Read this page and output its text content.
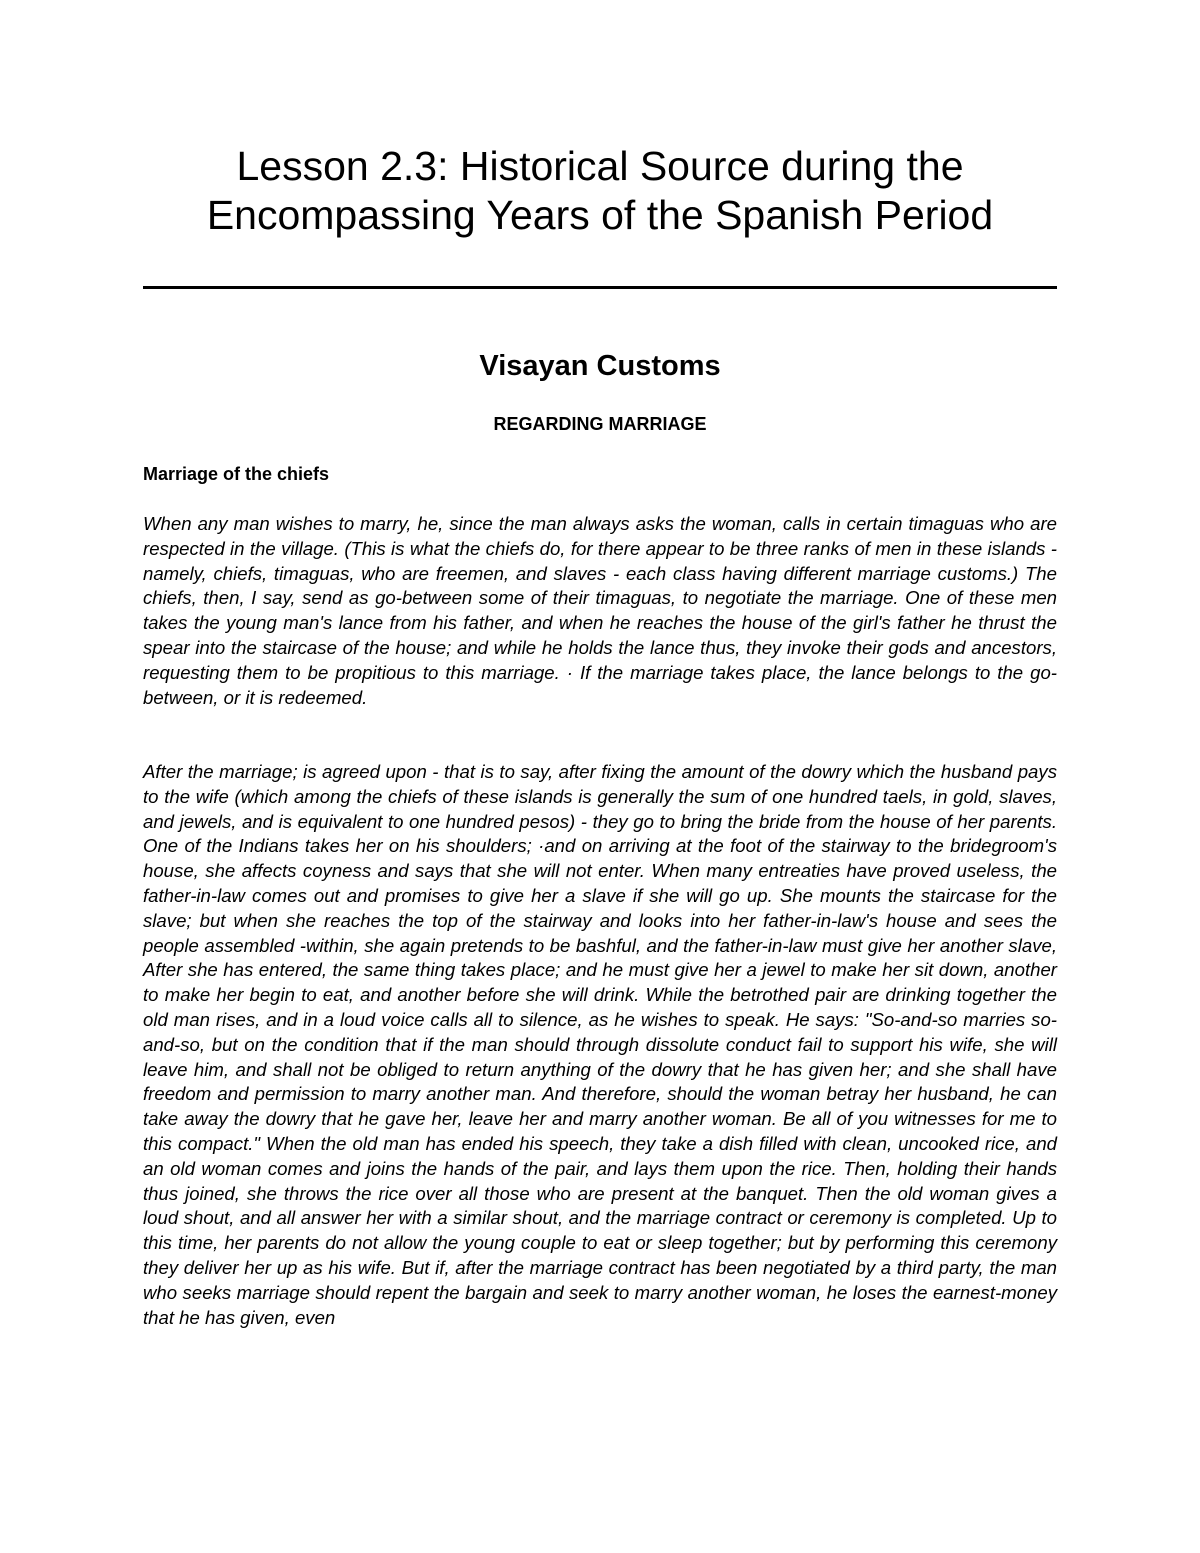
Lesson 2.3: Historical Source during the
Encompassing Years of the Spanish Period
Visayan Customs
REGARDING MARRIAGE
Marriage of the chiefs

When any man wishes to marry, he, since the man always asks the woman, calls in certain timaguas who are respected in the village. (This is what the chiefs do, for there appear to be three ranks of men in these islands - namely, chiefs, timaguas, who are freemen, and slaves - each class having different marriage customs.) The chiefs, then, I say, send as go-between some of their timaguas, to negotiate the marriage. One of these men takes the young man's lance from his father, and when he reaches the house of the girl's father he thrust the spear into the staircase of the house; and while he holds the lance thus, they invoke their gods and ancestors, requesting them to be propitious to this marriage. · If the marriage takes place, the lance belongs to the go-between, or it is redeemed.

After the marriage; is agreed upon - that is to say, after fixing the amount of the dowry which the husband pays to the wife (which among the chiefs of these islands is generally the sum of one hundred taels, in gold, slaves, and jewels, and is equivalent to one hundred pesos) - they go to bring the bride from the house of her parents. One of the Indians takes her on his shoulders; ·and on arriving at the foot of the stairway to the bridegroom's house, she affects coyness and says that she will not enter. When many entreaties have proved useless, the father-in-law comes out and promises to give her a slave if she will go up. She mounts the staircase for the slave; but when she reaches the top of the stairway and looks into her father-in-law's house and sees the people assembled -within, she again pretends to be bashful, and the father-in-law must give her another slave, After she has entered, the same thing takes place; and he must give her a jewel to make her sit down, another to make her begin to eat, and another before she will drink. While the betrothed pair are drinking together the old man rises, and in a loud voice calls all to silence, as he wishes to speak. He says: "So-and-so marries so-and-so, but on the condition that if the man should through dissolute conduct fail to support his wife, she will leave him, and shall not be obliged to return anything of the dowry that he has given her; and she shall have freedom and permission to marry another man. And therefore, should the woman betray her husband, he can take away the dowry that he gave her, leave her and marry another woman. Be all of you witnesses for me to this compact." When the old man has ended his speech, they take a dish filled with clean, uncooked rice, and an old woman comes and joins the hands of the pair, and lays them upon the rice. Then, holding their hands thus joined, she throws the rice over all those who are present at the banquet. Then the old woman gives a loud shout, and all answer her with a similar shout, and the marriage contract or ceremony is completed. Up to this time, her parents do not allow the young couple to eat or sleep together; but by performing this ceremony they deliver her up as his wife. But if, after the marriage contract has been negotiated by a third party, the man who seeks marriage should repent the bargain and seek to marry another woman, he loses the earnest-money that he has given, even
